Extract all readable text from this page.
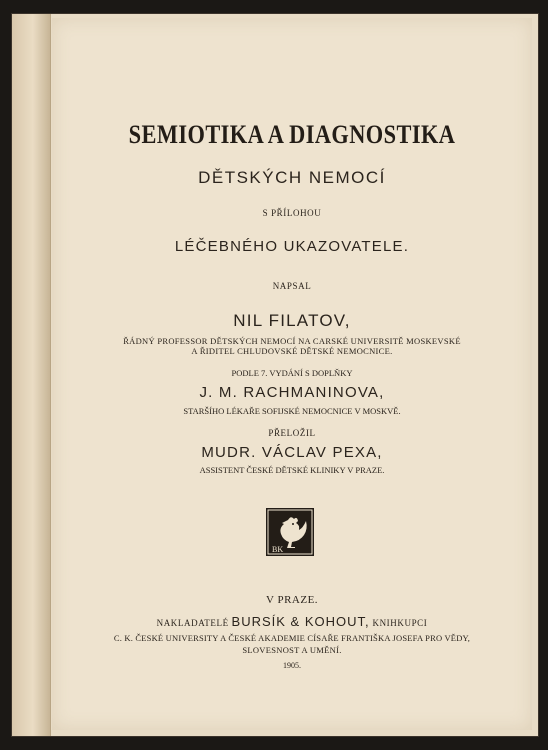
SEMIOTIKA A DIAGNOSTIKA
DĚTSKÝCH NEMOCÍ
S PŘÍLOHOU
LÉČEBNÉHO UKAZOVATELE.
NAPSAL
NIL FILATOV,
ŘÁDNÝ PROFESSOR DĚTSKÝCH NEMOCÍ NA CARSKÉ UNIVERSITĚ MOSKEVSKÉ
A ŘIDITEL CHLUDOVSKÉ DĚTSKÉ NEMOCNICE.
PODLE 7. VYDÁNÍ S DOPLŇKY
J. M. RACHMANINOVA,
STARŠÍHO LÉKAŘE SOFIJSKÉ NEMOCNICE V MOSKVĚ.
PŘELOŽIL
MUDR. VÁCLAV PEXA,
ASSISTENT ČESKÉ DĚTSKÉ KLINIKY V PRAZE.
BK
V PRAZE.
NAKLADATELÉ BURSÍK & KOHOUT, KNIHKUPCI
C. K. ČESKÉ UNIVERSITY A ČESKÉ AKADEMIE CÍSAŘE FRANTIŠKA JOSEFA PRO VĚDY,
SLOVESNOST A UMĚNÍ.
1905.
